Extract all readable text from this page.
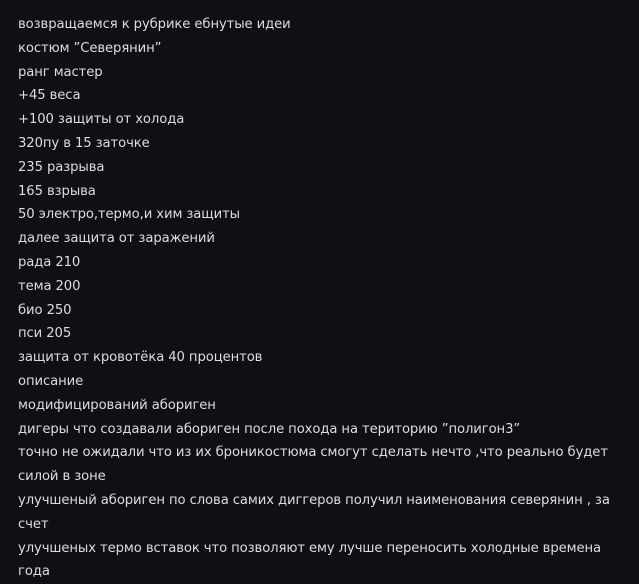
возвращаемся к рубрике ебнутые идеи
костюм ”Северянин”
ранг мастер
+45 веса
+100 защиты от холода
320пу в 15 заточке
235 разрыва
165 взрыва
50 электро,термо,и хим защиты
далее защита от заражений
рада 210
тема 200
био 250
пси 205
защита от кровотёка 40 процентов
описание
модифицирований абориген
дигеры что создавали абориген после похода на територию ”полигон3”
точно не ожидали что из их броникостюма смогут сделать нечто ,что реально будет силой в зоне
улучшеный абориген по слова самих диггеров получил наименования северянин , за счет
улучшеных термо вставок что позволяют ему лучше переносить холодные времена года
